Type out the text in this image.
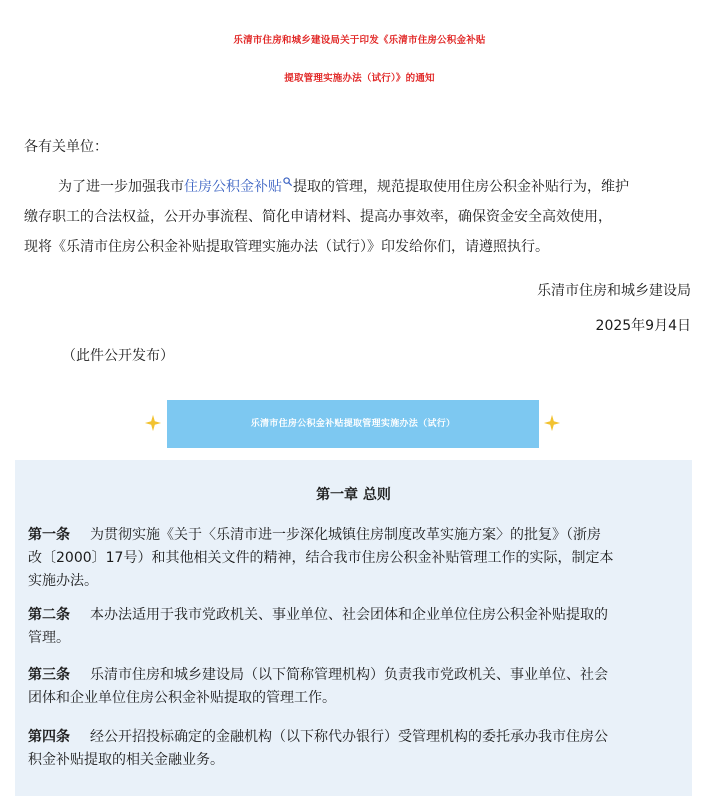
乐清市住房和城乡建设局关于印发《乐清市住房公积金补贴
提取管理实施办法（试行）》的通知
各有关单位：
为了进一步加强我市住房公积金补贴 提取的管理，规范提取使用住房公积金补贴行为，维护
缴存职工的合法权益，公开办事流程、简化申请材料、提高办事效率，确保资金安全高效使用，
现将《乐清市住房公积金补贴提取管理实施办法（试行）》印发给你们，请遵照执行。
乐清市住房和城乡建设局
2025年9月4日
（此件公开发布）
乐清市住房公积金补贴提取管理实施办法（试行）
第一章 总则
第一条 为贯彻实施《关于〈乐清市进一步深化城镇住房制度改革实施方案〉的批复》（浙房
改〔2000〕17号）和其他相关文件的精神，结合我市住房公积金补贴管理工作的实际，制定本
实施办法。
第二条 本办法适用于我市党政机关、事业单位、社会团体和企业单位住房公积金补贴提取的
管理。
第三条 乐清市住房和城乡建设局（以下简称管理机构）负责我市党政机关、事业单位、社会
团体和企业单位住房公积金补贴提取的管理工作。
第四条 经公开招投标确定的金融机构（以下称代办银行）受管理机构的委托承办我市住房公
积金补贴提取的相关金融业务。
